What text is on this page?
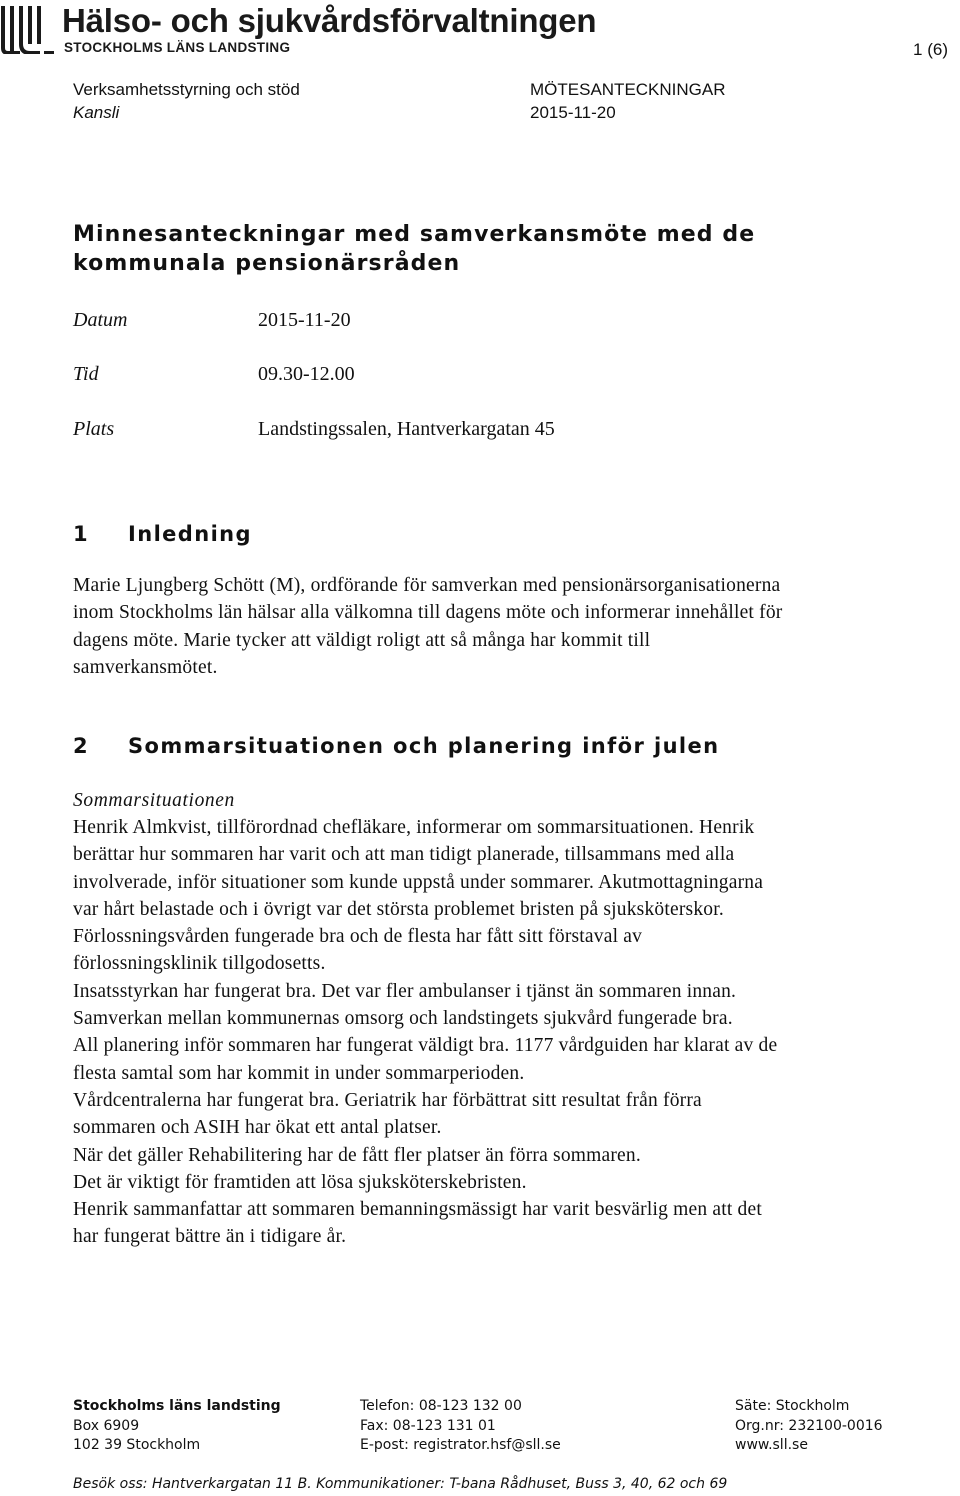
Hälso- och sjukvårdsförvaltningen
STOCKHOLMS LÄNS LANDSTING	1 (6)
Verksamhetsstyrning och stöd
Kansli
MÖTESANTECKNINGAR
2015-11-20
Minnesanteckningar med samverkansmöte med de
kommunala pensionärsråden
Datum	2015-11-20
Tid	09.30-12.00
Plats	Landstingssalen, Hantverkargatan 45
1 Inledning

Marie Ljungberg Schött (M), ordförande för samverkan med pensionärsorganisationerna inom Stockholms län hälsar alla välkomna till dagens möte och informerar innehållet för dagens möte. Marie tycker att väldigt roligt att så många har kommit till samverkansmötet.

2 Sommarsituationen och planering inför julen
Sommarsituationen

Henrik Almkvist, tillförordnad chefläkare, informerar om sommarsituationen. Henrik berättar hur sommaren har varit och att man tidigt planerade, tillsammans med alla involverade, inför situationer som kunde uppstå under sommarer. Akutmottagningarna var hårt belastade och i övrigt var det största problemet bristen på sjuksköterskor.

Förlossningsvården fungerade bra och de flesta har fått sitt förstaval av förlossningsklinik tillgodosetts.

Insatsstyrkan har fungerat bra. Det var fler ambulanser i tjänst än sommaren innan. Samverkan mellan kommunernas omsorg och landstingets sjukvård fungerade bra.

All planering inför sommaren har fungerat väldigt bra. 1177 vårdguiden har klarat av de flesta samtal som har kommit in under sommarperioden.

Vårdcentralerna har fungerat bra. Geriatrik har förbättrat sitt resultat från förra sommaren och ASIH har ökat ett antal platser.

När det gäller Rehabilitering har de fått fler platser än förra sommaren.

Det är viktigt för framtiden att lösa sjuksköterskebristen.

Henrik sammanfattar att sommaren bemanningsmässigt har varit besvärlig men att det har fungerat bättre än i tidigare år.

Stockholms läns landsting
Box 6909
102 39 Stockholm
Telefon: 08-123 132 00
Fax: 08-123 131 01
E-post: registrator.hsf@sll.se
Säte: Stockholm
Org.nr: 232100-0016
www.sll.se
Besök oss: Hantverkargatan 11 B. Kommunikationer: T-bana Rådhuset, Buss 3, 40, 62 och 69
